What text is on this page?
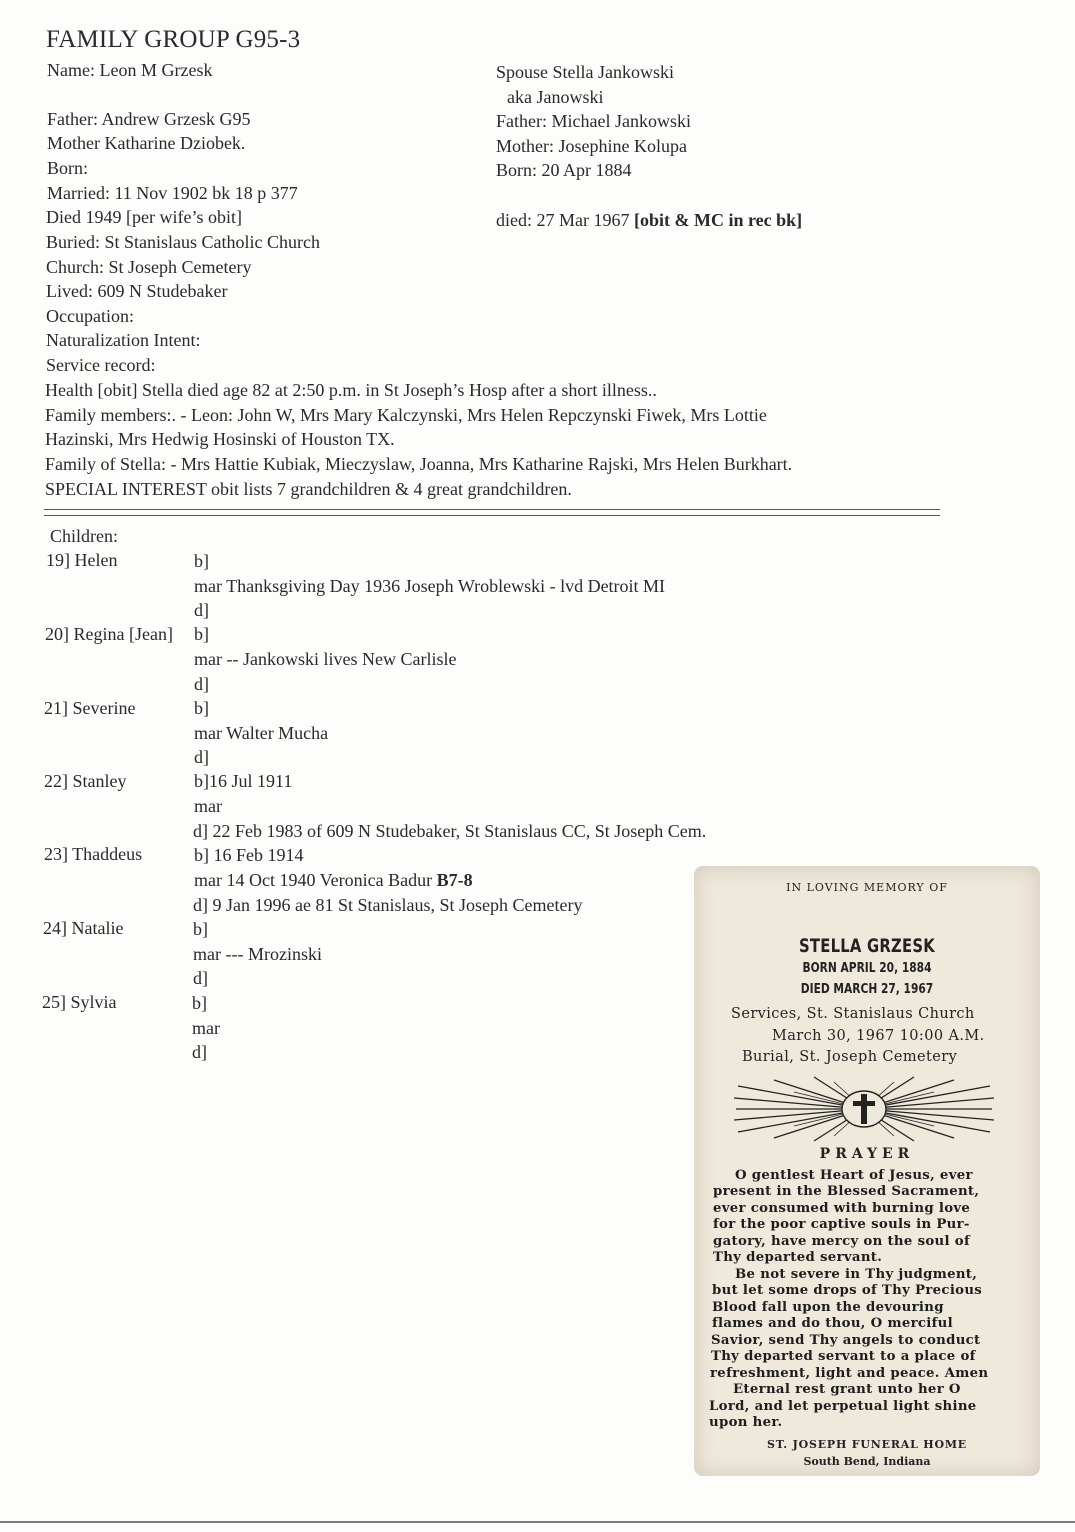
FAMILY GROUP G95-3
Name: Leon M Grzesk
Father: Andrew Grzesk G95
Mother Katharine Dziobek.
Born:
Married: 11 Nov 1902 bk 18 p 377
Died 1949 [per wife’s obit]
Buried: St Stanislaus Catholic Church
Church: St Joseph Cemetery
Lived: 609 N Studebaker
Occupation:
Naturalization Intent:
Service record:
Health [obit] Stella died age 82 at 2:50 p.m. in St Joseph’s Hosp after a short illness..
Family members:. - Leon: John W, Mrs Mary Kalczynski, Mrs Helen Repczynski Fiwek, Mrs Lottie
Hazinski, Mrs Hedwig Hosinski of Houston TX.
Family of Stella: - Mrs Hattie Kubiak, Mieczyslaw, Joanna, Mrs Katharine Rajski, Mrs Helen Burkhart.
SPECIAL INTEREST obit lists 7 grandchildren & 4 great grandchildren.
Spouse Stella Jankowski
aka Janowski
Father: Michael Jankowski
Mother: Josephine Kolupa
Born: 20 Apr 1884
died: 27 Mar 1967 [obit & MC in rec bk]
Children:
19] Helen	b]
mar Thanksgiving Day 1936 Joseph Wroblewski - lvd Detroit MI
d]
20] Regina [Jean] b]
mar -- Jankowski lives New Carlisle
d]
21] Severine	b]
mar Walter Mucha
d]
22] Stanley	b]16 Jul 1911
mar
d] 22 Feb 1983 of 609 N Studebaker, St Stanislaus CC, St Joseph Cem.
23] Thaddeus	b] 16 Feb 1914
mar 14 Oct 1940 Veronica Badur B7-8
d] 9 Jan 1996 ae 81 St Stanislaus, St Joseph Cemetery
24] Natalie	b]
mar --- Mrozinski
d]
25] Sylvia	b]
mar
d]
IN LOVING MEMORY OF
STELLA GRZESK
BORN APRIL 20, 1884
DIED MARCH 27, 1967
Services, St. Stanislaus Church
March 30, 1967 10:00 A.M.
Burial, St. Joseph Cemetery
PRAYER
O gentlest Heart of Jesus, ever
present in the Blessed Sacrament,
ever consumed with burning love
for the poor captive souls in Pur-
gatory, have mercy on the soul of
Thy departed servant.
Be not severe in Thy judgment,
but let some drops of Thy Precious
Blood fall upon the devouring
flames and do thou, O merciful
Savior, send Thy angels to conduct
Thy departed servant to a place of
refreshment, light and peace. Amen
Eternal rest grant unto her O
Lord, and let perpetual light shine
upon her.
ST. JOSEPH FUNERAL HOME
South Bend, Indiana
